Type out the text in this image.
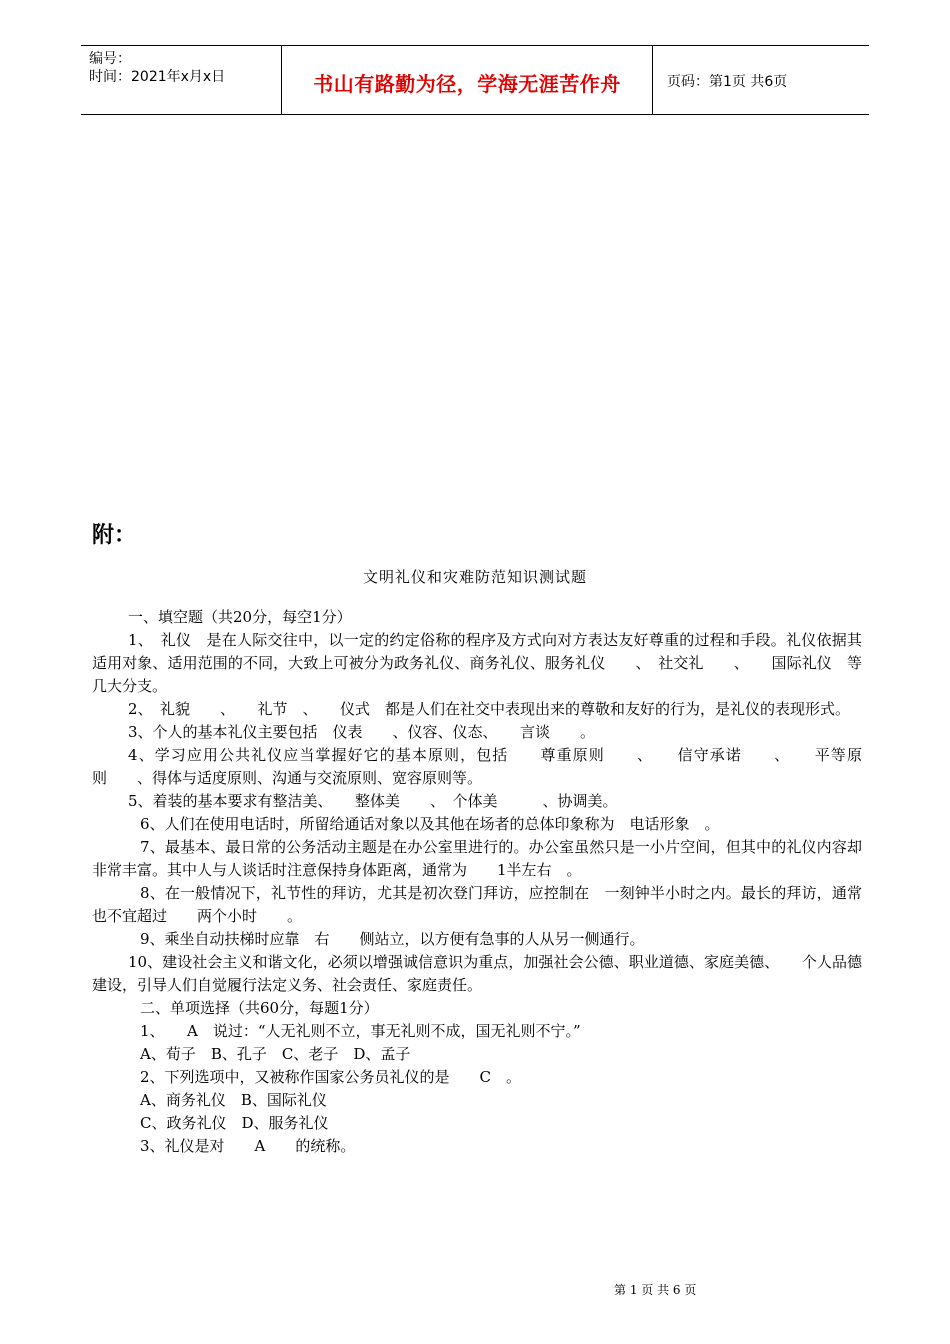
编号：
时间：2021年x月x日	书山有路勤为径，学海无涯苦作舟	页码：第1页 共6页
附：
文明礼仪和灾难防范知识测试题

一、填空题（共20分，每空1分）

1、　礼仪　是在人际交往中，以一定的约定俗称的程序及方式向对方表达友好尊重的过程和手段。礼仪依据其适用对象、适用范围的不同，大致上可被分为政务礼仪、商务礼仪、服务礼仪　　、　社交礼　　、　　国际礼仪　等几大分支。

2、　礼貌　　、　　礼节　、　　仪式　都是人们在社交中表现出来的尊敬和友好的行为，是礼仪的表现形式。

3、个人的基本礼仪主要包括　仪表　　、仪容、仪态、　　言谈　　。

4、学习应用公共礼仪应当掌握好它的基本原则，包括　　尊重原则　　、　　信守承诺　　、　　平等原则　　、得体与适度原则、沟通与交流原则、宽容原则等。

5、着装的基本要求有整洁美、　　整体美　　、　个体美　　　、协调美。

6、人们在使用电话时，所留给通话对象以及其他在场者的总体印象称为　电话形象　。

7、最基本、最日常的公务活动主题是在办公室里进行的。办公室虽然只是一小片空间，但其中的礼仪内容却非常丰富。其中人与人谈话时注意保持身体距离，通常为　　1半左右　。

8、在一般情况下，礼节性的拜访，尤其是初次登门拜访，应控制在　一刻钟半小时之内。最长的拜访，通常也不宜超过　　两个小时　　。

9、乘坐自动扶梯时应靠　右　　侧站立，以方便有急事的人从另一侧通行。

10、建设社会主义和谐文化，必须以增强诚信意识为重点，加强社会公德、职业道德、家庭美德、　　个人品德　　建设，引导人们自觉履行法定义务、社会责任、家庭责任。

二、单项选择（共60分，每题1分）

1、　　A　说过：“人无礼则不立，事无礼则不成，国无礼则不宁。”

A、荀子　B、孔子　C、老子　D、孟子

2、下列选项中，又被称作国家公务员礼仪的是　　C　。

A、商务礼仪　B、国际礼仪

C、政务礼仪　D、服务礼仪

3、礼仪是对　　A　　的统称。

第 1 页 共 6 页
